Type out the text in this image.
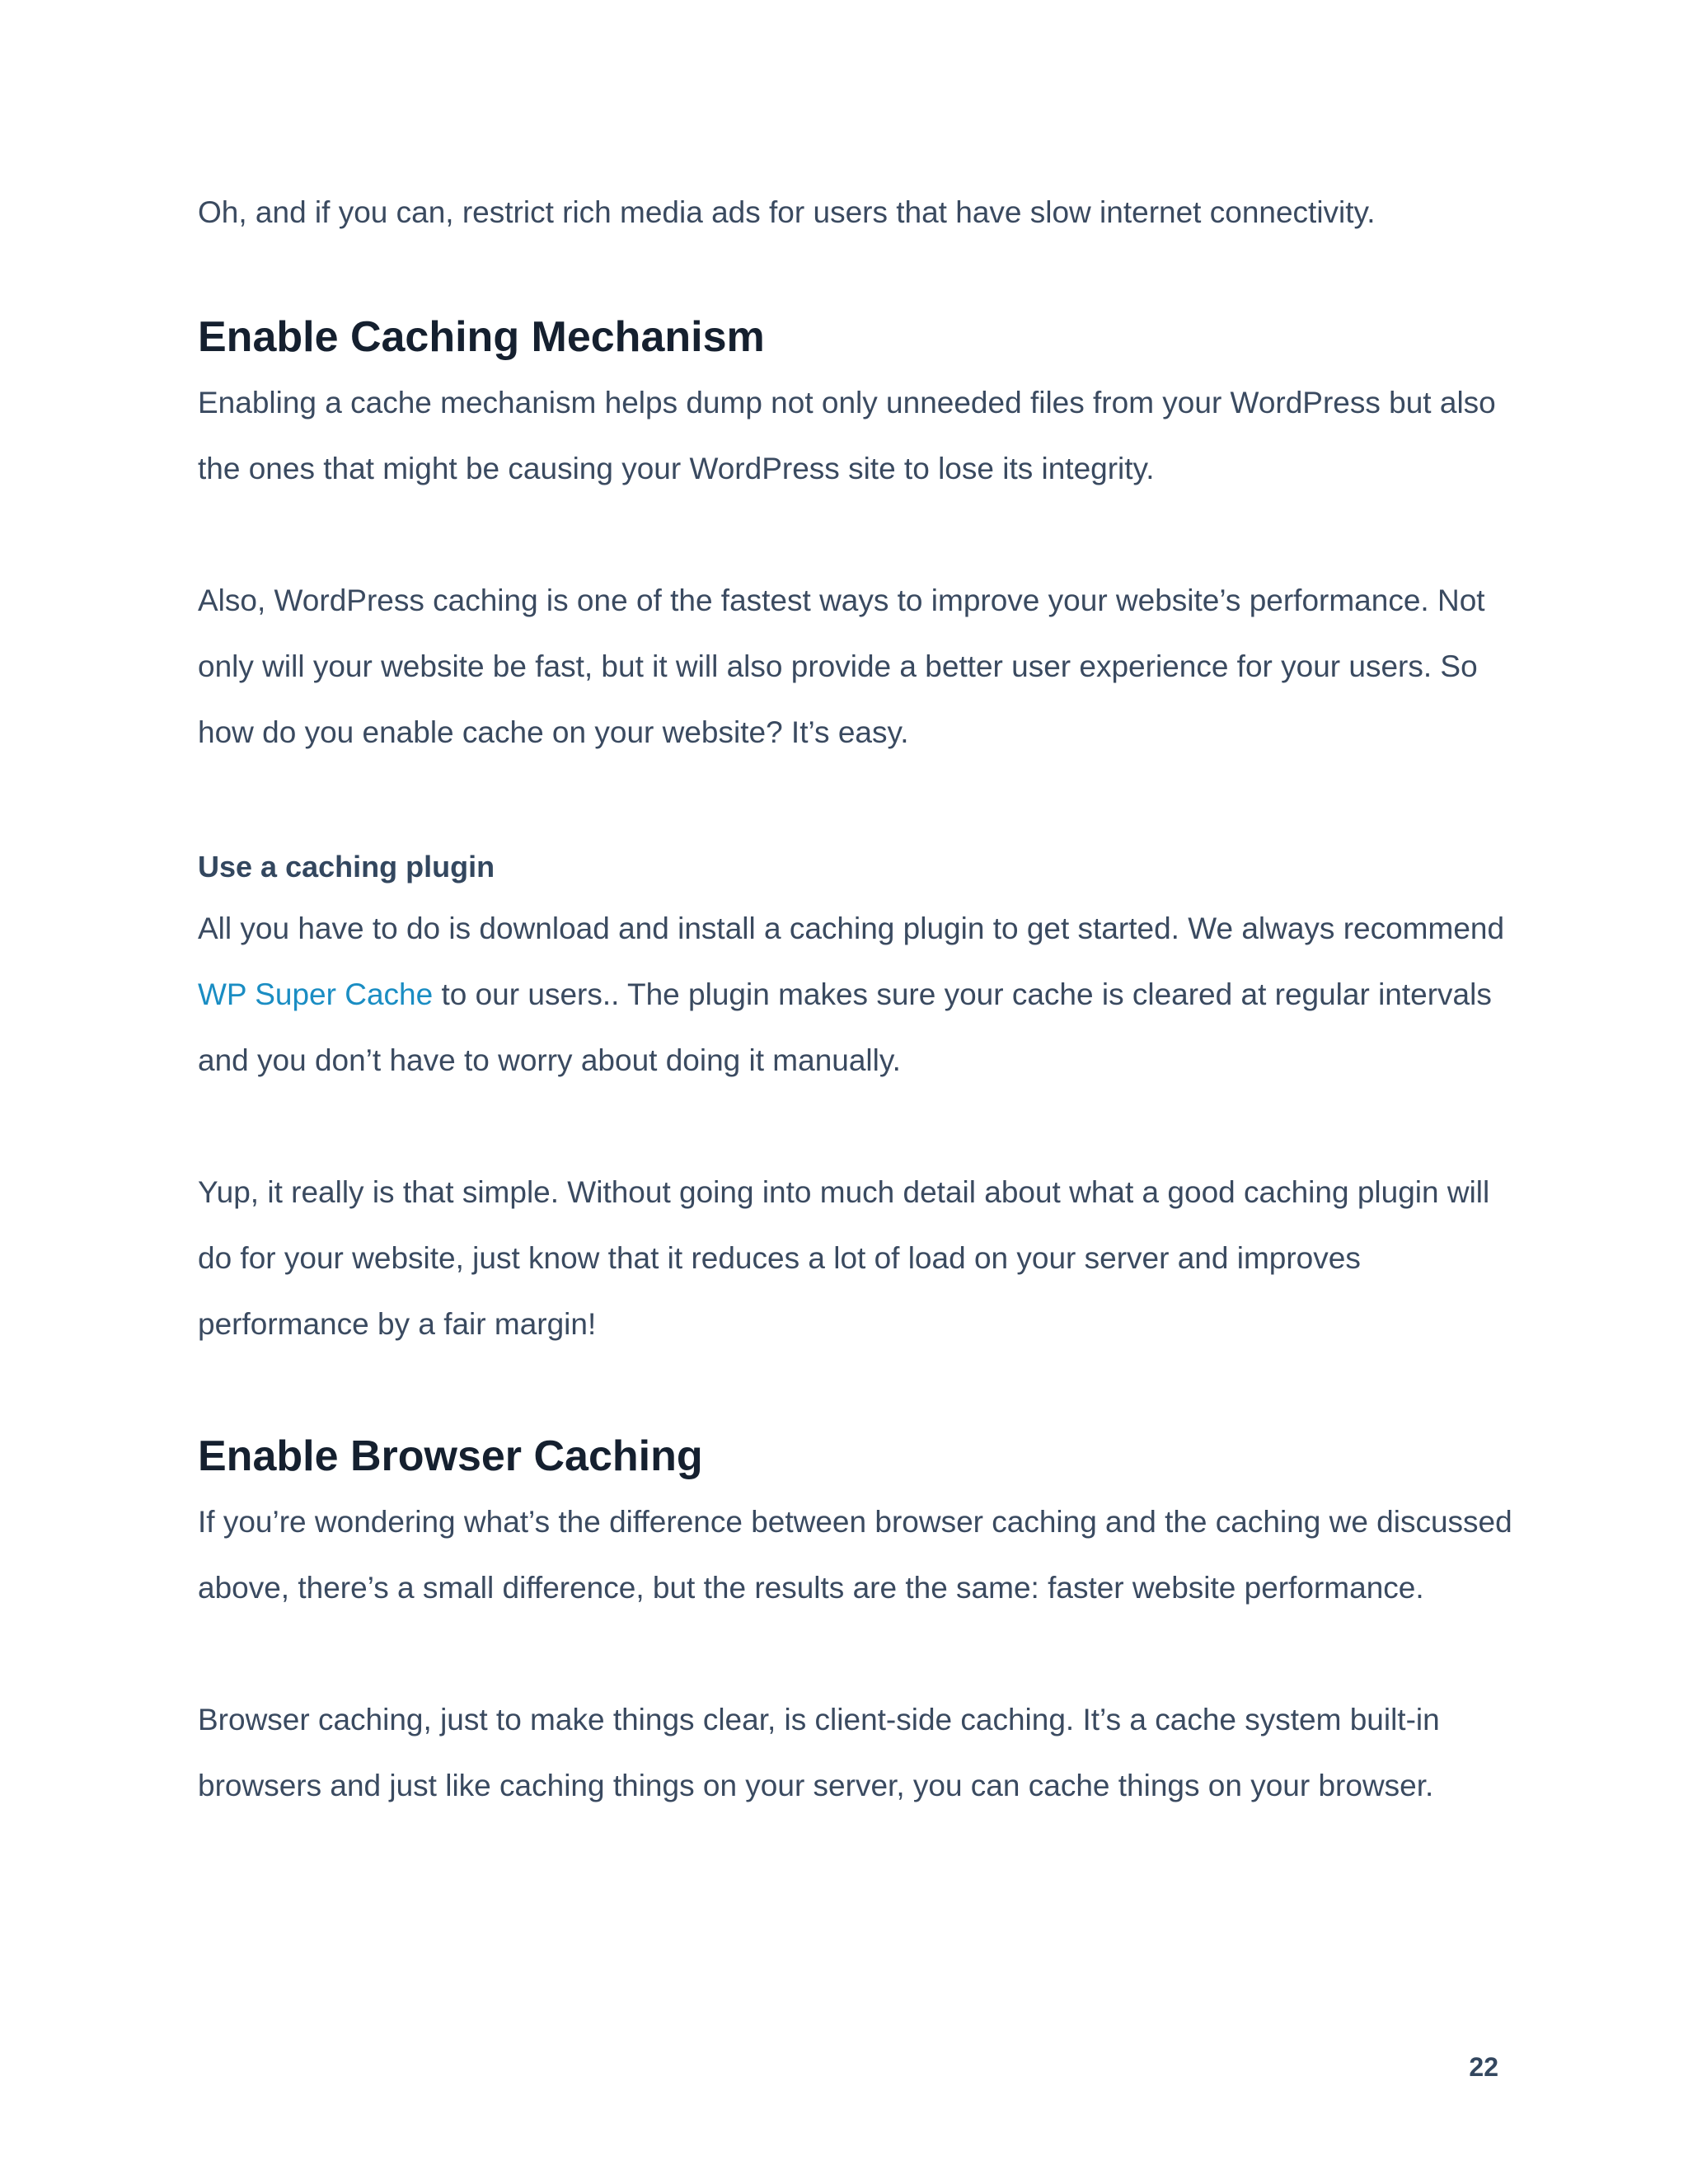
Oh, and if you can, restrict rich media ads for users that have slow internet connectivity.

Enable Caching Mechanism

Enabling a cache mechanism helps dump not only unneeded files from your WordPress but also the ones that might be causing your WordPress site to lose its integrity.

Also, WordPress caching is one of the fastest ways to improve your website’s performance. Not only will your website be fast, but it will also provide a better user experience for your users. So how do you enable cache on your website? It’s easy.

Use a caching plugin

All you have to do is download and install a caching plugin to get started. We always recommend WP Super Cache to our users.. The plugin makes sure your cache is cleared at regular intervals and you don’t have to worry about doing it manually.

Yup, it really is that simple. Without going into much detail about what a good caching plugin will do for your website, just know that it reduces a lot of load on your server and improves performance by a fair margin!

Enable Browser Caching

If you’re wondering what’s the difference between browser caching and the caching we discussed above, there’s a small difference, but the results are the same: faster website performance.

Browser caching, just to make things clear, is client-side caching. It’s a cache system built-in browsers and just like caching things on your server, you can cache things on your browser.

22
